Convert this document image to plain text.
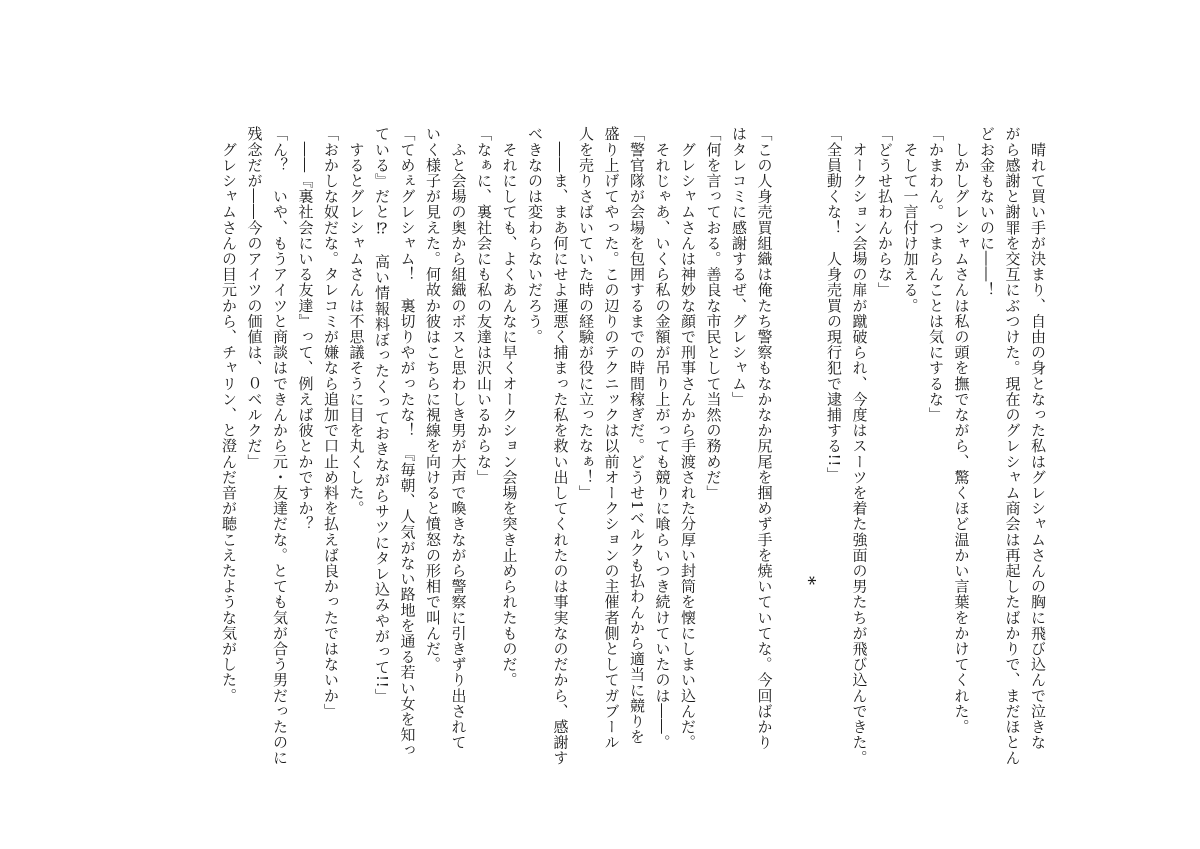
　晴れて買い手が決まり、自由の身となった私はグレシャムさんの胸に飛び込んで泣きな

がら感謝と謝罪を交互にぶつけた。現在のグレシャム商会は再起したばかりで、まだほとん

どお金もないのに――！

　しかしグレシャムさんは私の頭を撫でながら、驚くほど温かい言葉をかけてくれた。

「かまわん。つまらんことは気にするな」

　そして一言付け加える。

「どうせ払わんからな」

　オークション会場の扉が蹴破られ、今度はスーツを着た強面の男たちが飛び込んできた。

「全員動くな！　人身売買の現行犯で逮捕する!!」

*

「この人身売買組織は俺たち警察もなかなか尻尾を掴めず手を焼いていてな。今回ばかり

はタレコミに感謝するぜ、グレシャム」

「何を言っておる。善良な市民として当然の務めだ」

　グレシャムさんは神妙な顔で刑事さんから手渡された分厚い封筒を懐にしまい込んだ。

　それじゃあ、いくら私の金額が吊り上がっても競りに喰らいつき続けていたのは――。

「警官隊が会場を包囲するまでの時間稼ぎだ。どうせ1ベルクも払わんから適当に競りを

盛り上げてやった。この辺りのテクニックは以前オークションの主催者側としてガブール

人を売りさばいていた時の経験が役に立ったなぁ！」

　――ま、まあ何にせよ運悪く捕まった私を救い出してくれたのは事実なのだから、感謝す

べきなのは変わらないだろう。

　それにしても、よくあんなに早くオークション会場を突き止められたものだ。

「なぁに、裏社会にも私の友達は沢山いるからな」

　ふと会場の奥から組織のボスと思わしき男が大声で喚きながら警察に引きずり出されて

いく様子が見えた。何故か彼はこちらに視線を向けると憤怒の形相で叫んだ。

「てめぇグレシャム！　裏切りやがったな！　『毎朝、人気がない路地を通る若い女を知っ

ている』だと⁉　高い情報料ぼったくっておきながらサツにタレ込みやがって!!」

　するとグレシャムさんは不思議そうに目を丸くした。

「おかしな奴だな。タレコミが嫌なら追加で口止め料を払えば良かったではないか」

　――『裏社会にいる友達』って、例えば彼とかですか？

「ん？　いや、もうアイツと商談はできんから元・友達だな。とても気が合う男だったのに

残念だが――今のアイツの価値は、０ベルクだ」

　グレシャムさんの目元から、チャリン、と澄んだ音が聴こえたような気がした。
